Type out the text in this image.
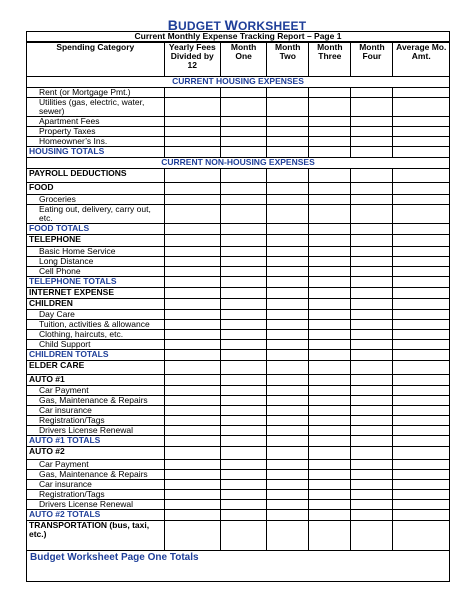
BUDGET WORKSHEET
Current Monthly Expense Tracking Report – Page 1
Spending Category	Yearly Fees Divided by 12	Month One	Month Two	Month Three	Month Four	Average Mo. Amt.
CURRENT HOUSING EXPENSES						
Rent (or Mortgage Pmt.)						
Utilities (gas, electric, water, sewer)						
Apartment Fees						
Property Taxes						
Homeowner’s Ins.						
HOUSING TOTALS						
CURRENT NON-HOUSING EXPENSES						
PAYROLL DEDUCTIONS						
FOOD						
Groceries						
Eating out, delivery, carry out, etc.						
FOOD TOTALS						
TELEPHONE						
Basic Home Service						
Long Distance						
Cell Phone						
TELEPHONE TOTALS						
INTERNET EXPENSE						
CHILDREN						
Day Care						
Tuition, activities & allowance						
Clothing, haircuts, etc.						
Child Support						
CHILDREN TOTALS						
ELDER CARE						
AUTO #1						
Car Payment						
Gas, Maintenance & Repairs						
Car insurance						
Registration/Tags						
Drivers License Renewal						
AUTO #1 TOTALS						
AUTO #2						
Car Payment						
Gas, Maintenance & Repairs						
Car insurance						
Registration/Tags						
Drivers License Renewal						
AUTO #2 TOTALS						
TRANSPORTATION (bus, taxi, etc.)						
Budget Worksheet Page One Totals
